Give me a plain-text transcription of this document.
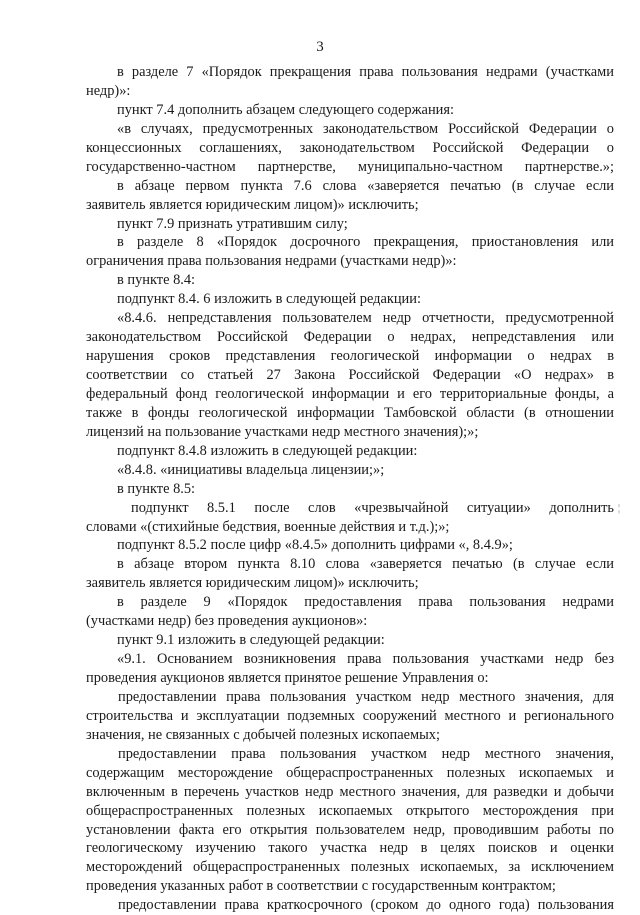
3
в разделе 7 «Порядок прекращения права пользования недрами (участками
недр)»:
пункт 7.4 дополнить абзацем следующего содержания:
«в случаях, предусмотренных законодательством Российской Федерации о
концессионных соглашениях, законодательством Российской Федерации о
государственно-частном партнерстве, муниципально-частном партнерстве.»;
в абзаце первом пункта 7.6 слова «заверяется печатью (в случае если
заявитель является юридическим лицом)» исключить;
пункт 7.9 признать утратившим силу;
в разделе 8 «Порядок досрочного прекращения, приостановления или
ограничения права пользования недрами (участками недр)»:
в пункте 8.4:
подпункт 8.4. 6 изложить в следующей редакции:
«8.4.6. непредставления пользователем недр отчетности, предусмотренной
законодательством Российской Федерации о недрах, непредставления или
нарушения сроков представления геологической информации о недрах в
соответствии со статьей 27 Закона Российской Федерации «О недрах» в
федеральный фонд геологической информации и его территориальные фонды, а
также в фонды геологической информации Тамбовской области (в отношении
лицензий на пользование участками недр местного значения);»;
подпункт 8.4.8 изложить в следующей редакции:
«8.4.8. «инициативы владельца лицензии;»;
в пункте 8.5:
подпункт 8.5.1 после слов «чрезвычайной ситуации» дополнить ¦
словами «(стихийные бедствия, военные действия и т.д.);»;
подпункт 8.5.2 после цифр «8.4.5» дополнить цифрами «, 8.4.9»;
в абзаце втором пункта 8.10 слова «заверяется печатью (в случае если
заявитель является юридическим лицом)» исключить;
в разделе 9 «Порядок предоставления права пользования недрами
(участками недр) без проведения аукционов»:
пункт 9.1 изложить в следующей редакции:
«9.1. Основанием возникновения права пользования участками недр без
проведения аукционов является принятое решение Управления о:
предоставлении права пользования участком недр местного значения, для
строительства и эксплуатации подземных сооружений местного и регионального
значения, не связанных с добычей полезных ископаемых;
предоставлении права пользования участком недр местного значения,
содержащим месторождение общераспространенных полезных ископаемых и
включенным в перечень участков недр местного значения, для разведки и добычи
общераспространенных полезных ископаемых открытого месторождения при
установлении факта его открытия пользователем недр, проводившим работы по
геологическому изучению такого участка недр в целях поисков и оценки
месторождений общераспространенных полезных ископаемых, за исключением
проведения указанных работ в соответствии с государственным контрактом;
предоставлении права краткосрочного (сроком до одного года) пользования
